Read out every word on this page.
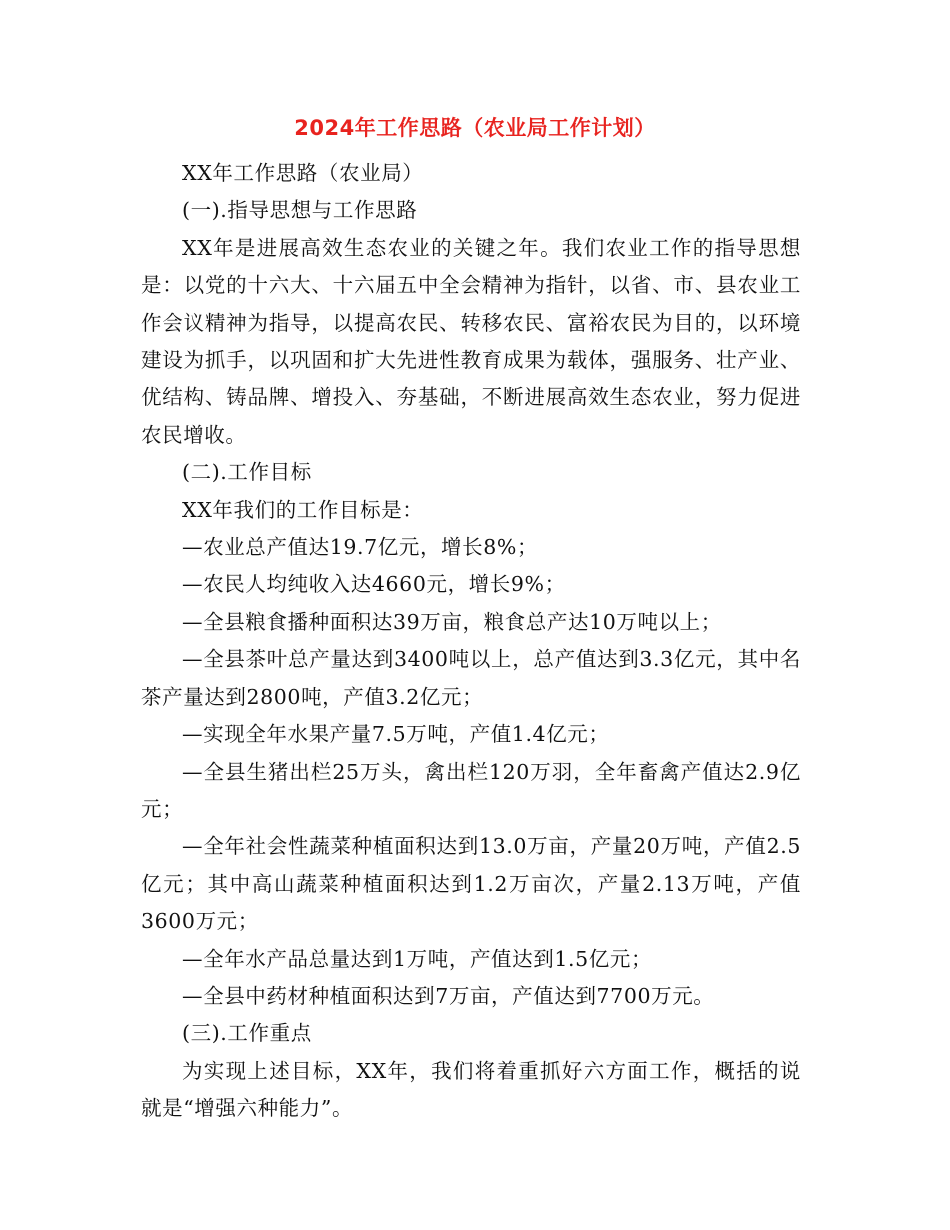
2024年工作思路（农业局工作计划）

XX年工作思路（农业局）

(一).指导思想与工作思路

XX年是进展高效生态农业的关键之年。我们农业工作的指导思想是：以党的十六大、十六届五中全会精神为指针，以省、市、县农业工作会议精神为指导，以提高农民、转移农民、富裕农民为目的，以环境建设为抓手，以巩固和扩大先进性教育成果为载体，强服务、壮产业、优结构、铸品牌、增投入、夯基础，不断进展高效生态农业，努力促进农民增收。

(二).工作目标

XX年我们的工作目标是：

—农业总产值达19.7亿元，增长8%；

—农民人均纯收入达4660元，增长9%；

—全县粮食播种面积达39万亩，粮食总产达10万吨以上；

—全县茶叶总产量达到3400吨以上，总产值达到3.3亿元，其中名茶产量达到2800吨，产值3.2亿元；

—实现全年水果产量7.5万吨，产值1.4亿元；

—全县生猪出栏25万头，禽出栏120万羽，全年畜禽产值达2.9亿元；

—全年社会性蔬菜种植面积达到13.0万亩，产量20万吨，产值2.5亿元；其中高山蔬菜种植面积达到1.2万亩次，产量2.13万吨，产值3600万元；

—全年水产品总量达到1万吨，产值达到1.5亿元；

—全县中药材种植面积达到7万亩，产值达到7700万元。

(三).工作重点

为实现上述目标，XX年，我们将着重抓好六方面工作，概括的说就是“增强六种能力”。
